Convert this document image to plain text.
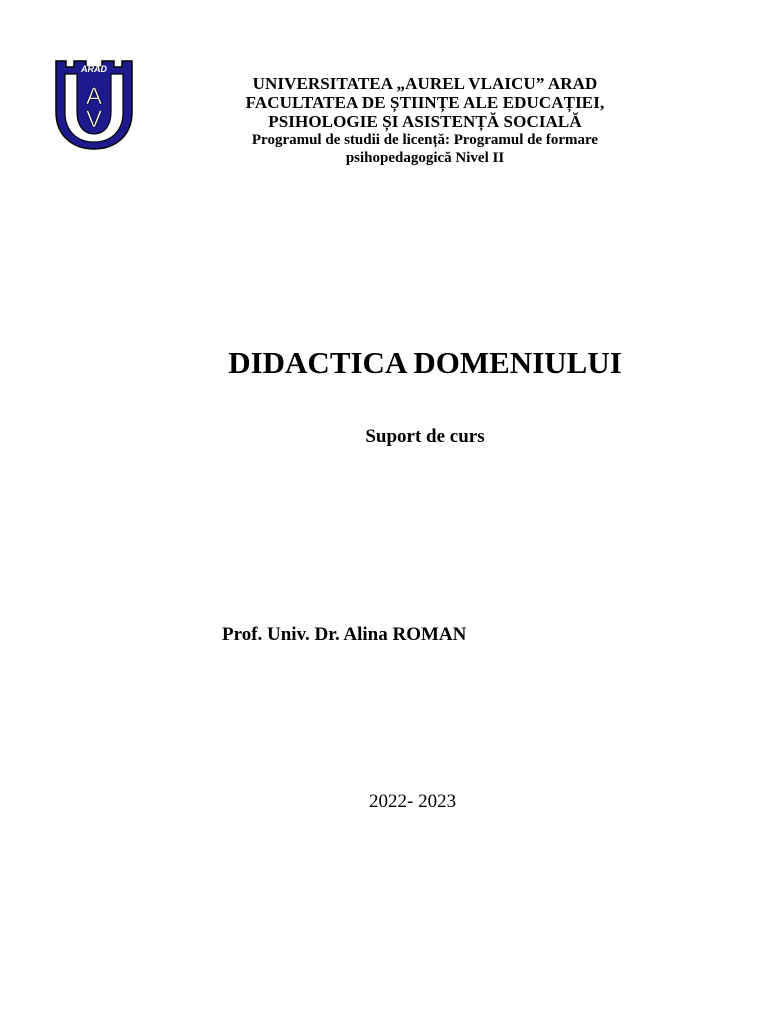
ARAD
A
V
UNIVERSITATEA „AUREL VLAICU” ARAD
FACULTATEA DE ȘTIINȚE ALE EDUCAȚIEI,
PSIHOLOGIE ȘI ASISTENȚĂ SOCIALĂ
Programul de studii de licență: Programul de formare
psihopedagogică Nivel II
DIDACTICA DOMENIULUI
Suport de curs
Prof. Univ. Dr. Alina ROMAN
2022- 2023
